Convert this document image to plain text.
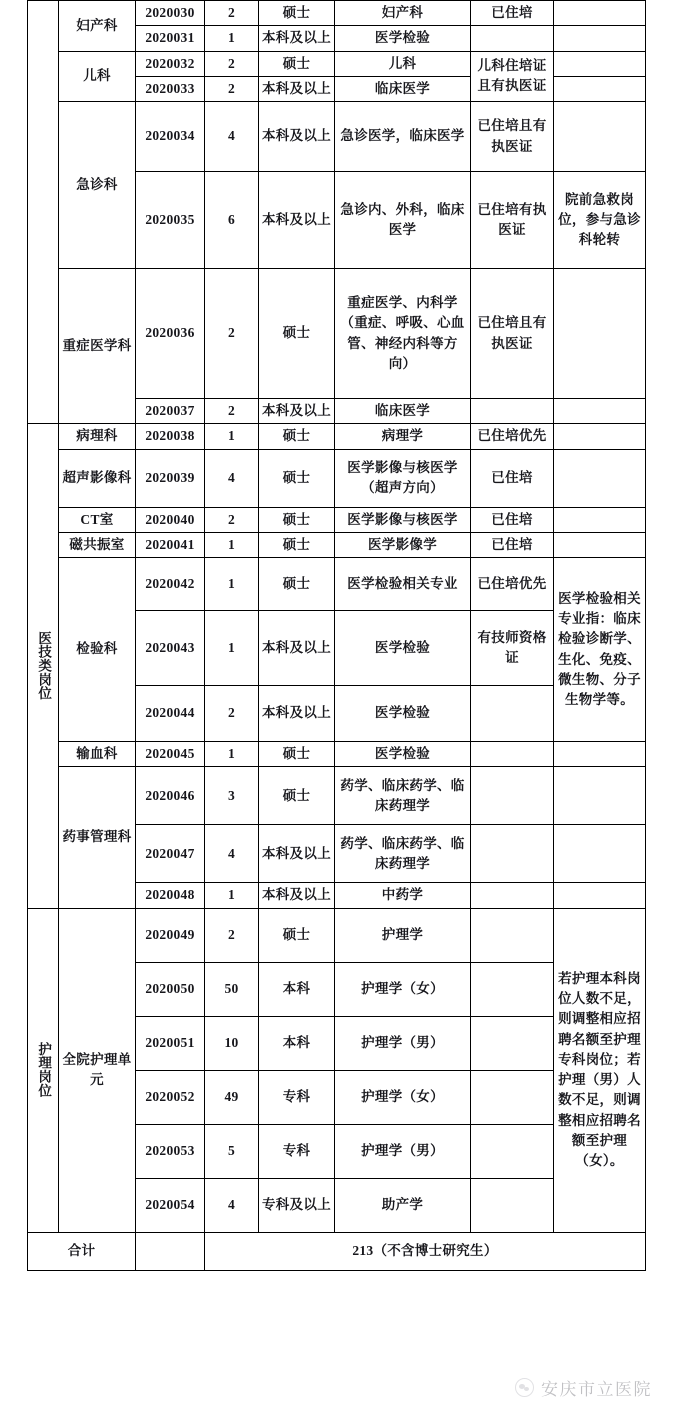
	妇产科	2020030	2	硕士	妇产科	已住培	
		2020031	1	本科及以上	医学检验		
	儿科	2020032	2	硕士	儿科	儿科住培证且有执医证	
		2020033	2	本科及以上	临床医学		
	急诊科	2020034	4	本科及以上	急诊医学，临床医学	已住培且有执医证	
		2020035	6	本科及以上	急诊内、外科，临床医学	已住培有执医证	院前急救岗位，参与急诊科轮转
	重症医学科	2020036	2	硕士	重症医学、内科学（重症、呼吸、心血管、神经内科等方向）	已住培且有执医证	
		2020037	2	本科及以上	临床医学		
医技类岗位	病理科	2020038	1	硕士	病理学	已住培优先	
	超声影像科	2020039	4	硕士	医学影像与核医学（超声方向）	已住培	
	CT室	2020040	2	硕士	医学影像与核医学	已住培	
	磁共振室	2020041	1	硕士	医学影像学	已住培	
	检验科	2020042	1	硕士	医学检验相关专业	已住培优先	医学检验相关专业指：临床检验诊断学、生化、免疫、微生物、分子生物学等。
		2020043	1	本科及以上	医学检验	有技师资格证	
		2020044	2	本科及以上	医学检验		
	输血科	2020045	1	硕士	医学检验		
	药事管理科	2020046	3	硕士	药学、临床药学、临床药理学		
		2020047	4	本科及以上	药学、临床药学、临床药理学		
		2020048	1	本科及以上	中药学		
护理岗位	全院护理单元	2020049	2	硕士	护理学		若护理本科岗位人数不足，则调整相应招聘名额至护理专科岗位；若护理（男）人数不足，则调整相应招聘名额至护理（女）。
		2020050	50	本科	护理学（女）		
		2020051	10	本科	护理学（男）		
		2020052	49	专科	护理学（女）		
		2020053	5	专科	护理学（男）		
		2020054	4	专科及以上	助产学		
合计			213（不含博士研究生）				
安庆市立医院
